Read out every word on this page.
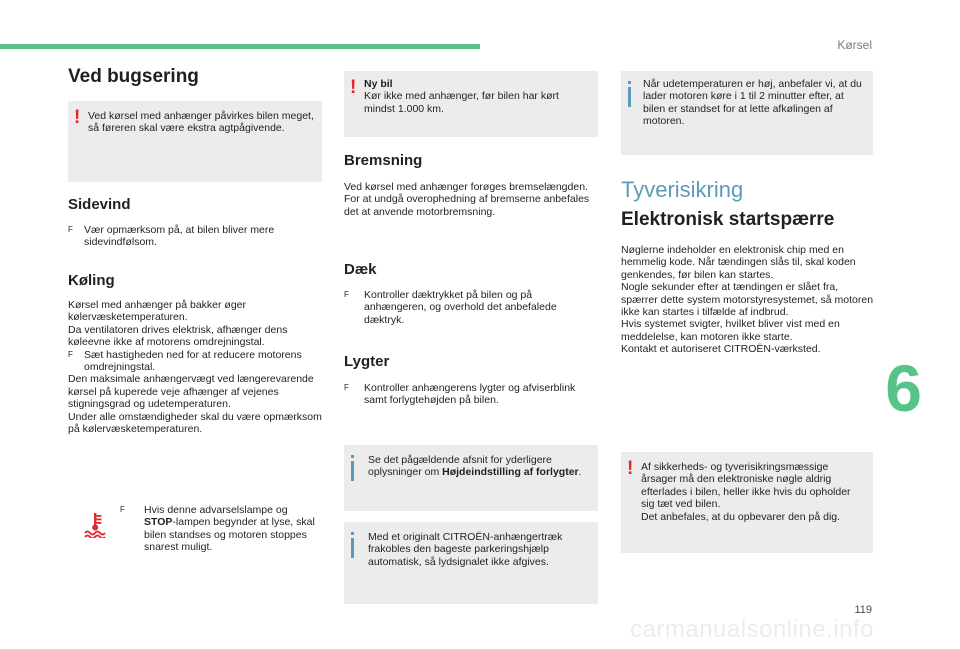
Kørsel
6
119
carmanualsonline.info
Ved bugsering
! Ved kørsel med anhænger påvirkes bilen meget, så føreren skal være ekstra agtpågivende.

Sidevind

F Vær opmærksom på, at bilen bliver mere sidevindfølsom.

Køling

Kørsel med anhænger på bakker øger kølervæsketemperaturen.

Da ventilatoren drives elektrisk, afhænger dens køleevne ikke af motorens omdrejningstal.

F Sæt hastigheden ned for at reducere motorens omdrejningstal.

Den maksimale anhængervægt ved længerevarende kørsel på kuperede veje afhænger af vejenes stigningsgrad og udetemperaturen.

Under alle omstændigheder skal du være opmærksom på kølervæsketemperaturen.

F Hvis denne advarselslampe og STOP-lampen begynder at lyse, skal bilen standses og motoren stoppes snarest muligt.

! Ny bil

Kør ikke med anhænger, før bilen har kørt mindst 1.000 km.

Bremsning

Ved kørsel med anhænger forøges bremselængden.

For at undgå overophedning af bremserne anbefales det at anvende motorbremsning.

Dæk

F Kontroller dæktrykket på bilen og på anhængeren, og overhold det anbefalede dæktryk.

Lygter

F Kontroller anhængerens lygter og afviserblink samt forlygtehøjden på bilen.

Se det pågældende afsnit for yderligere oplysninger om Højdeindstilling af forlygter.

Med et originalt CITROËN-anhængertræk frakobles den bageste parkeringshjælp automatisk, så lydsignalet ikke afgives.

Når udetemperaturen er høj, anbefaler vi, at du lader motoren køre i 1 til 2 minutter efter, at bilen er standset for at lette afkølingen af motoren.

Tyverisikring
Elektronisk startspærre

Nøglerne indeholder en elektronisk chip med en hemmelig kode. Når tændingen slås til, skal koden genkendes, før bilen kan startes.

Nogle sekunder efter at tændingen er slået fra, spærrer dette system motorstyresystemet, så motoren ikke kan startes i tilfælde af indbrud.

Hvis systemet svigter, hvilket bliver vist med en meddelelse, kan motoren ikke starte.

Kontakt et autoriseret CITROËN-værksted.

! Af sikkerheds- og tyverisikringsmæssige årsager må den elektroniske nøgle aldrig efterlades i bilen, heller ikke hvis du opholder sig tæt ved bilen.

Det anbefales, at du opbevarer den på dig.
